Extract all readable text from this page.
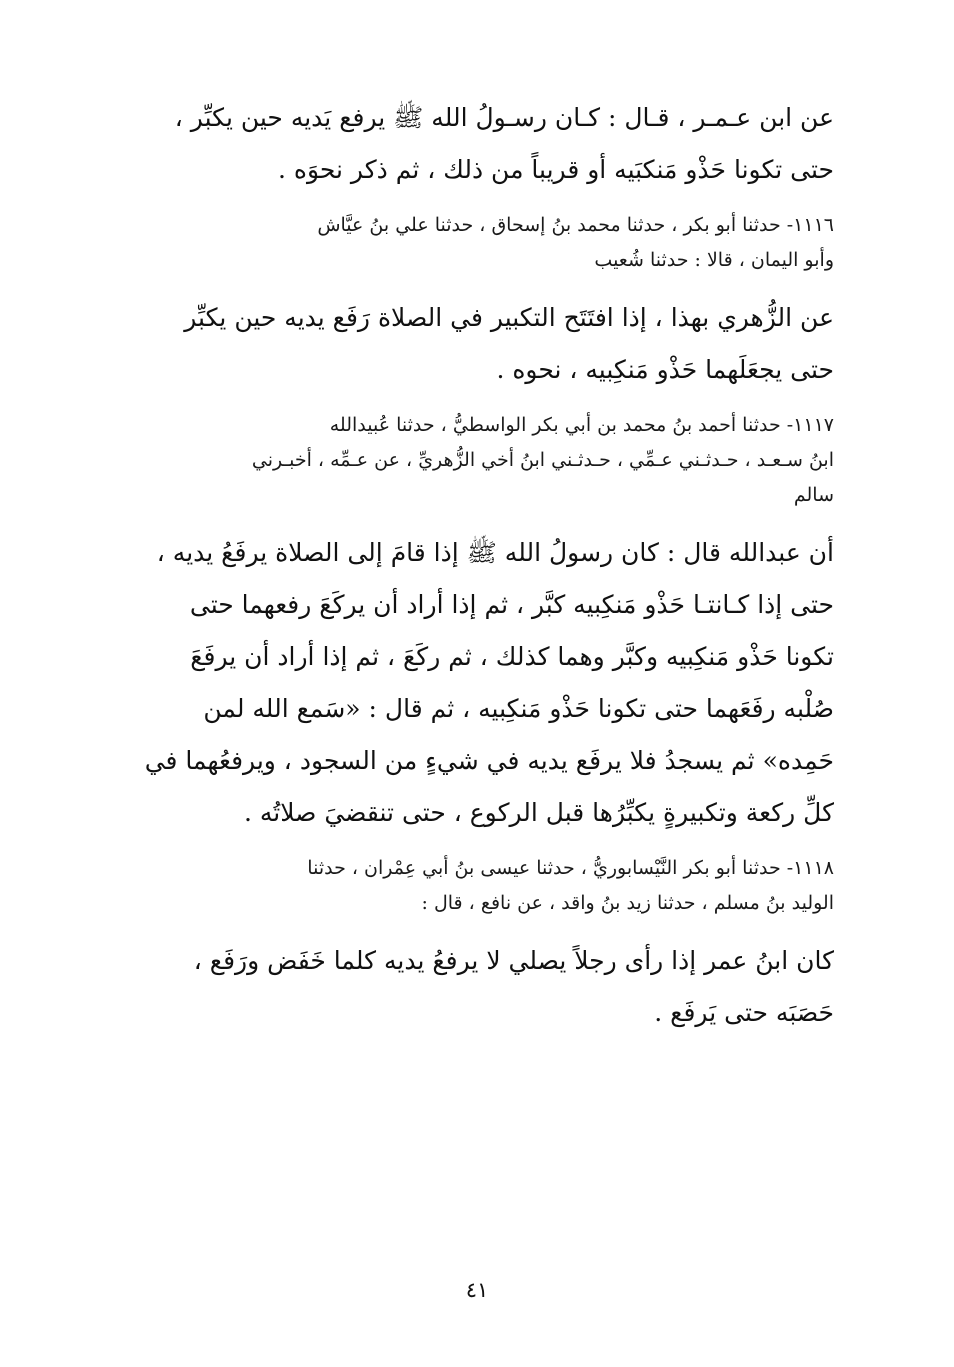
عن ابن عـمـر ، قـال : كـان رسـولُ الله ﷺ يرفع يَديه حين يكبِّر ،
حتى تكونا حَذْو مَنكبَيه أو قريباً من ذلك ، ثم ذكر نحوَه .
١١١٦- حدثنا أبو بكر ، حدثنا محمد بنُ إسحاق ، حدثنا علي بنُ عيَّاش
وأبو اليمان ، قالا : حدثنا شُعيب
عن الزُّهري بهذا ، إذا افتَتَح التكبير في الصلاة رَفَع يديه حين يكبِّر
حتى يجعَلَهما حَذْو مَنكِبيه ، نحوه .
١١١٧- حدثنا أحمد بنُ محمد بن أبي بكر الواسطيُّ ، حدثنا عُبيدالله
ابنُ سـعـد ، حـدثـني عـمِّي ، حـدثـني ابنُ أخي الزُّهريِّ ، عن عـمِّه ، أخبـرني
سالم
أن عبدالله قال : كان رسولُ الله ﷺ إذا قامَ إلى الصلاة يرفَعُ يديه ،
حتى إذا كـانتـا حَذْو مَنكِبيه كبَّر ، ثم إذا أراد أن يركَعَ رفعهما حتى
تكونا حَذْو مَنكِبيه وكبَّر وهما كذلك ، ثم ركَعَ ، ثم إذا أراد أن يرفَعَ
صُلْبه رفَعَهما حتى تكونا حَذْو مَنكِبيه ، ثم قال : «سَمع الله لمن
حَمِده» ثم يسجدُ فلا يرفَع يديه في شيءٍ من السجود ، ويرفعُهما في
كلِّ ركعة وتكبيرةٍ يكبِّرُها قبل الركوع ، حتى تنقضيَ صلاتُه .
١١١٨- حدثنا أبو بكر النَّيْسابوريُّ ، حدثنا عيسى بنُ أبي عِمْران ، حدثنا
الوليد بنُ مسلم ، حدثنا زيد بنُ واقد ، عن نافع ، قال :
كان ابنُ عمر إذا رأى رجلاً يصلي لا يرفعُ يديه كلما خَفَض ورَفَع ،
حَصَبَه حتى يَرفَع .
٤١
